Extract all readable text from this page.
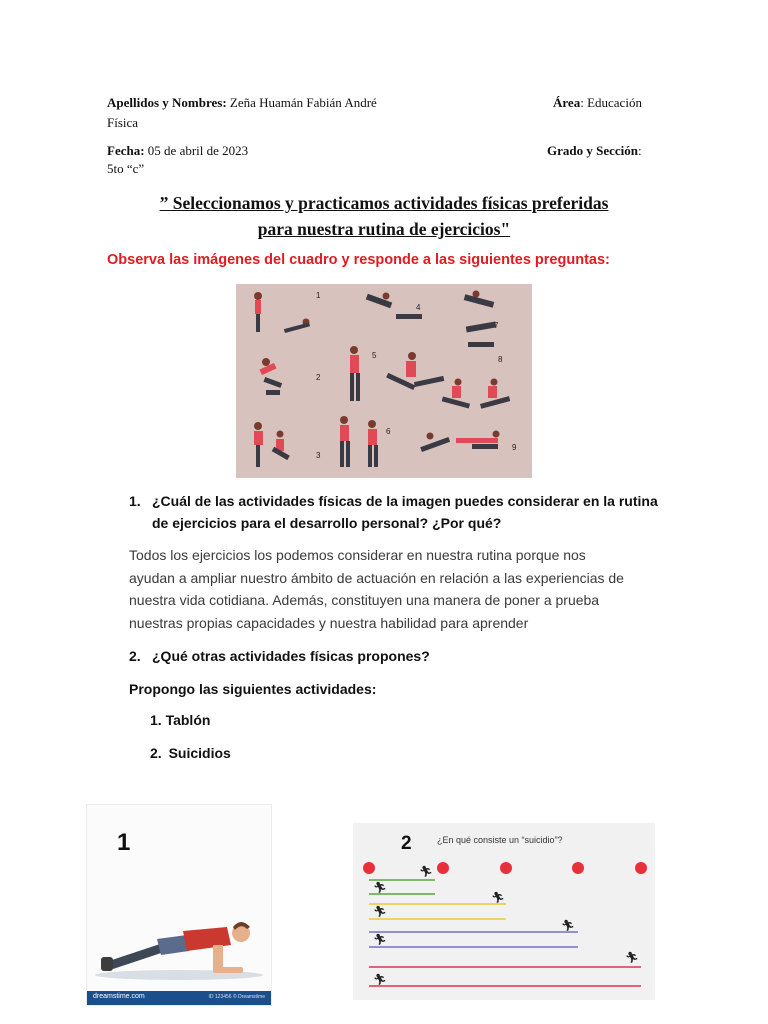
Apellidos y Nombres: Zeña Huamán Fabián André	Área: Educación
Física
Fecha: 05 de abril de 2023	Grado y Sección:
5to “c”
” Seleccionamos y practicamos actividades físicas preferidas
para nuestra rutina de ejercicios"
Observa las imágenes del cuadro y responde a las siguientes preguntas:
1
4
7
2
5	8
3
6
9
1. ¿Cuál de las actividades físicas de la imagen puedes considerar en la rutina
de ejercicios para el desarrollo personal? ¿Por qué?
Todos los ejercicios los podemos considerar en nuestra rutina porque nos
ayudan a ampliar nuestro ámbito de actuación en relación a las experiencias de
nuestra vida cotidiana. Además, constituyen una manera de poner a prueba
nuestras propias capacidades y nuestra habilidad para aprender
2. ¿Qué otras actividades físicas propones?
Propongo las siguientes actividades:
1. Tablón
2. Suicidios
1
dreamstime.com	ID 123456 © Dreamstime
2	¿En qué consiste un “suicidio”?
🏃︎
🏃︎
🏃︎
🏃︎
🏃︎
🏃︎
🏃︎
🏃︎
